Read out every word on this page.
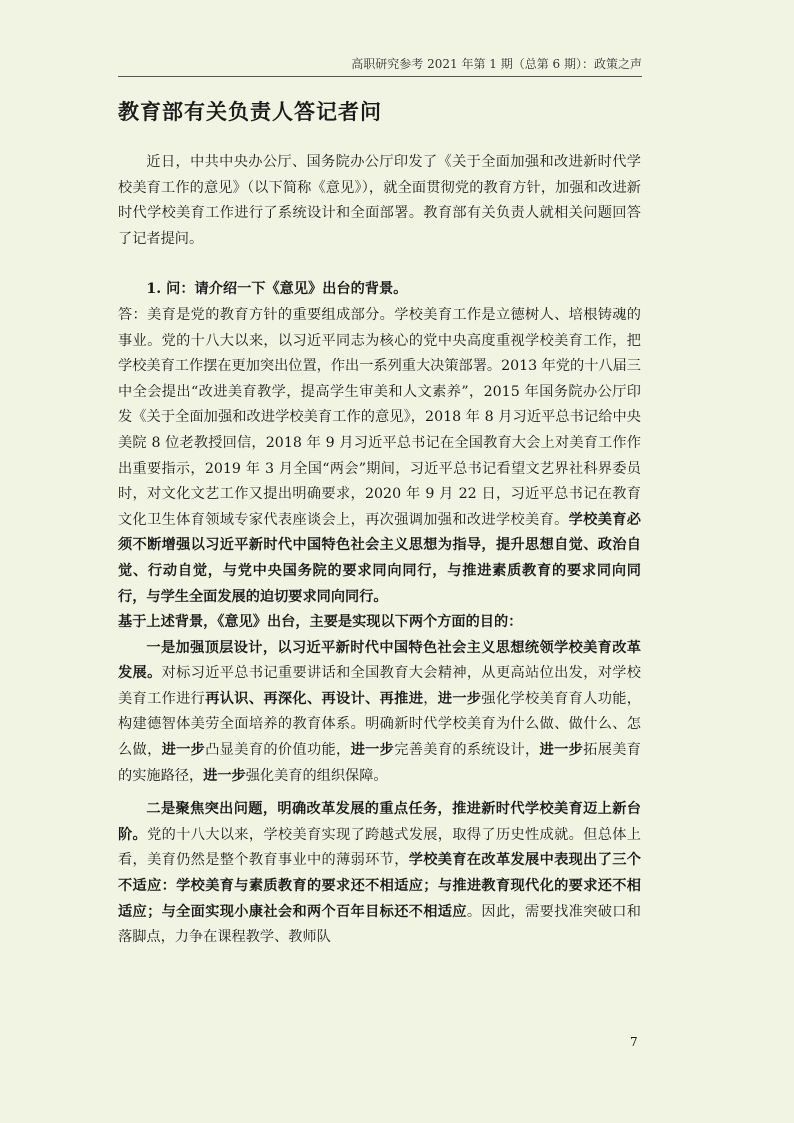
高职研究参考 2021 年第 1 期（总第 6 期）：政策之声
教育部有关负责人答记者问

近日，中共中央办公厅、国务院办公厅印发了《关于全面加强和改进新时代学校美育工作的意见》（以下简称《意见》），就全面贯彻党的教育方针，加强和改进新时代学校美育工作进行了系统设计和全面部署。教育部有关负责人就相关问题回答了记者提问。

1. 问：请介绍一下《意见》出台的背景。

答：美育是党的教育方针的重要组成部分。学校美育工作是立德树人、培根铸魂的事业。党的十八大以来，以习近平同志为核心的党中央高度重视学校美育工作，把学校美育工作摆在更加突出位置，作出一系列重大决策部署。2013 年党的十八届三中全会提出“改进美育教学，提高学生审美和人文素养”，2015 年国务院办公厅印发《关于全面加强和改进学校美育工作的意见》，2018 年 8 月习近平总书记给中央美院 8 位老教授回信，2018 年 9 月习近平总书记在全国教育大会上对美育工作作出重要指示，2019 年 3 月全国“两会”期间，习近平总书记看望文艺界社科界委员时，对文化文艺工作又提出明确要求，2020 年 9 月 22 日，习近平总书记在教育文化卫生体育领域专家代表座谈会上，再次强调加强和改进学校美育。学校美育必须不断增强以习近平新时代中国特色社会主义思想为指导，提升思想自觉、政治自觉、行动自觉，与党中央国务院的要求同向同行，与推进素质教育的要求同向同行，与学生全面发展的迫切要求同向同行。

基于上述背景，《意见》出台，主要是实现以下两个方面的目的：

一是加强顶层设计，以习近平新时代中国特色社会主义思想统领学校美育改革发展。对标习近平总书记重要讲话和全国教育大会精神，从更高站位出发，对学校美育工作进行再认识、再深化、再设计、再推进，进一步强化学校美育育人功能，构建德智体美劳全面培养的教育体系。明确新时代学校美育为什么做、做什么、怎么做，进一步凸显美育的价值功能，进一步完善美育的系统设计，进一步拓展美育的实施路径，进一步强化美育的组织保障。

二是聚焦突出问题，明确改革发展的重点任务，推进新时代学校美育迈上新台阶。党的十八大以来，学校美育实现了跨越式发展，取得了历史性成就。但总体上看，美育仍然是整个教育事业中的薄弱环节，学校美育在改革发展中表现出了三个不适应：学校美育与素质教育的要求还不相适应；与推进教育现代化的要求还不相适应；与全面实现小康社会和两个百年目标还不相适应。因此，需要找准突破口和落脚点，力争在课程教学、教师队

7
